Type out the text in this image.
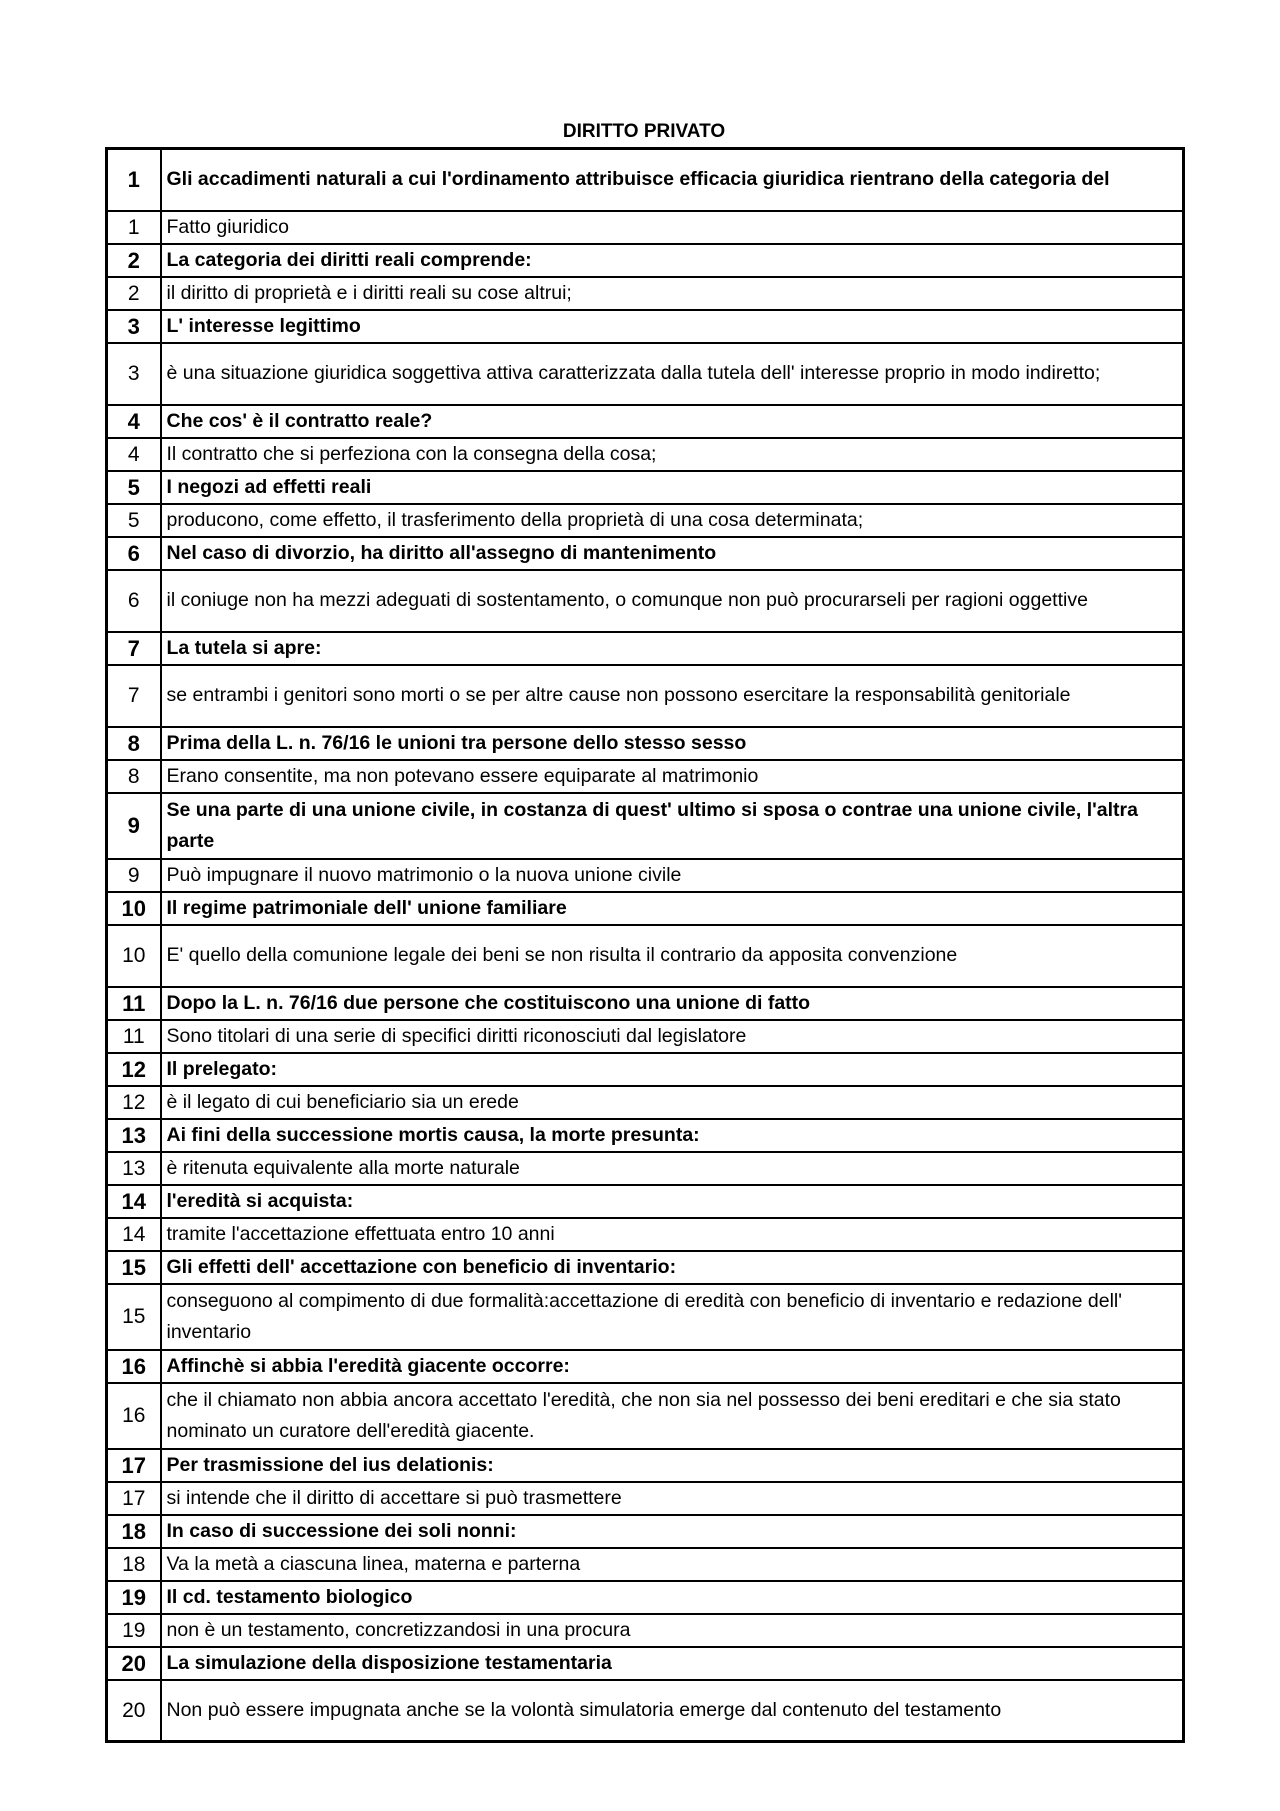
DIRITTO PRIVATO
1	Gli accadimenti naturali a cui l'ordinamento attribuisce efficacia giuridica rientrano della categoria del
1	Fatto giuridico
2	La categoria dei diritti reali comprende:
2	il diritto di proprietà e i diritti reali su cose altrui;
3	L' interesse legittimo
3	è una situazione giuridica soggettiva attiva caratterizzata dalla tutela dell' interesse proprio in modo indiretto;
4	Che cos' è il contratto reale?
4	Il contratto che si perfeziona con la consegna della cosa;
5	I negozi ad effetti reali
5	producono, come effetto, il trasferimento della proprietà di una cosa determinata;
6	Nel caso di divorzio, ha diritto all'assegno di mantenimento
6	il coniuge non ha mezzi adeguati di sostentamento, o comunque non può procurarseli per ragioni oggettive
7	La tutela si apre:
7	se entrambi i genitori sono morti o se per altre cause non possono esercitare la responsabilità genitoriale
8	Prima della L. n. 76/16 le unioni tra persone dello stesso sesso
8	Erano consentite, ma non potevano essere equiparate al matrimonio
9	Se una parte di una unione civile, in costanza di quest' ultimo si sposa o contrae una unione civile, l'altra parte
9	Può impugnare il nuovo matrimonio o la nuova unione civile
10	Il regime patrimoniale dell' unione familiare
10	E' quello della comunione legale dei beni se non risulta il contrario da apposita convenzione
11	Dopo la L. n. 76/16 due persone che costituiscono una unione di fatto
11	Sono titolari di una serie di specifici diritti riconosciuti dal legislatore
12	Il prelegato:
12	è il legato di cui beneficiario sia un erede
13	Ai fini della successione mortis causa, la morte presunta:
13	è ritenuta equivalente alla morte naturale
14	l'eredità si acquista:
14	tramite l'accettazione effettuata entro 10 anni
15	Gli effetti dell' accettazione con beneficio di inventario:
15	conseguono al compimento di due formalità:accettazione di eredità con beneficio di inventario e redazione dell' inventario
16	Affinchè si abbia l'eredità giacente occorre:
16	che il chiamato non abbia ancora accettato l'eredità, che non sia nel possesso dei beni ereditari e che sia stato nominato un curatore dell'eredità giacente.
17	Per trasmissione del ius delationis:
17	si intende che il diritto di accettare si può trasmettere
18	In caso di successione dei soli nonni:
18	Va la metà a ciascuna linea, materna e parterna
19	Il cd. testamento biologico
19	non è un testamento, concretizzandosi in una procura
20	La simulazione della disposizione testamentaria
20	Non può essere impugnata anche se la volontà simulatoria emerge dal contenuto del testamento
